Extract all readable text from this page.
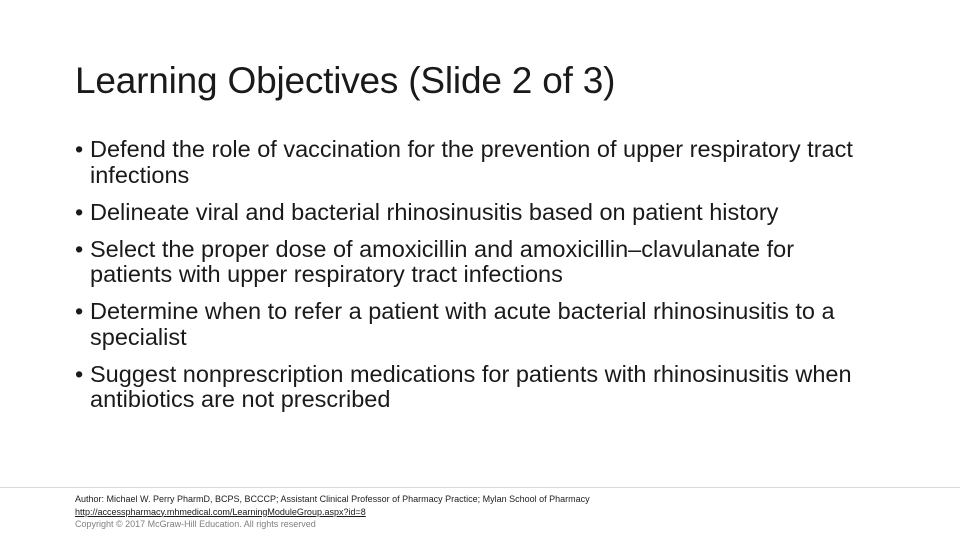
Learning Objectives (Slide 2 of 3)
• Defend the role of vaccination for the prevention of upper respiratory tract infections
• Delineate viral and bacterial rhinosinusitis based on patient history
• Select the proper dose of amoxicillin and amoxicillin–clavulanate for patients with upper respiratory tract infections
• Determine when to refer a patient with acute bacterial rhinosinusitis to a specialist
• Suggest nonprescription medications for patients with rhinosinusitis when antibiotics are not prescribed
Author: Michael W. Perry PharmD, BCPS, BCCCP; Assistant Clinical Professor of Pharmacy Practice; Mylan School of Pharmacy
http://accesspharmacy.mhmedical.com/LearningModuleGroup.aspx?id=8
Copyright © 2017 McGraw-Hill Education. All rights reserved
